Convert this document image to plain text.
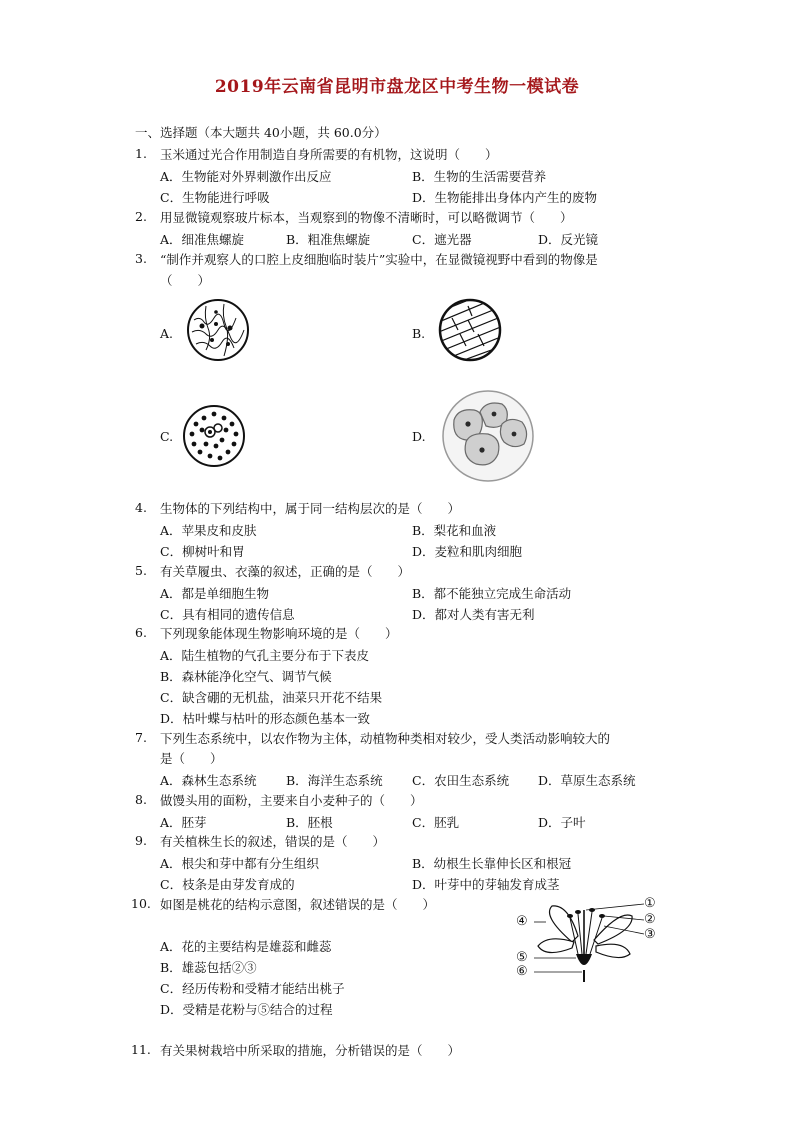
2019年云南省昆明市盘龙区中考生物一模试卷
一、选择题（本大题共 40小题，共 60.0分）
1. 玉米通过光合作用制造自身所需要的有机物，这说明（　　）
A．生物能对外界刺激作出反应	B．生物的生活需要营养
C．生物能进行呼吸	D．生物能排出身体内产生的废物
2. 用显微镜观察玻片标本，当观察到的物像不清晰时，可以略微调节（　　）
A．细准焦螺旋	B．粗准焦螺旋	C．遮光器	D．反光镜
3. “制作并观察人的口腔上皮细胞临时装片”实验中，在显微镜视野中看到的物像是
（　　）
A.	B.
C.	D.
4. 生物体的下列结构中，属于同一结构层次的是（　　）
A．苹果皮和皮肤	B．梨花和血液
C．柳树叶和胃	D．麦粒和肌肉细胞
5. 有关草履虫、衣藻的叙述，正确的是（　　）
A．都是单细胞生物	B．都不能独立完成生命活动
C．具有相同的遗传信息	D．都对人类有害无利
6. 下列现象能体现生物影响环境的是（　　）
A．陆生植物的气孔主要分布于下表皮
B．森林能净化空气、调节气候
C．缺含硼的无机盐，油菜只开花不结果
D．枯叶蝶与枯叶的形态颜色基本一致
7. 下列生态系统中，以农作物为主体，动植物种类相对较少，受人类活动影响较大的
是（　　）
A．森林生态系统 B．海洋生态系统 C．农田生态系统 D．草原生态系统
8. 做馒头用的面粉，主要来自小麦种子的（　　）
A．胚芽	B．胚根	C．胚乳	D．子叶
9. 有关植株生长的叙述，错误的是（　　）
A．根尖和芽中都有分生组织	B．幼根生长靠伸长区和根冠
C．枝条是由芽发育成的	D．叶芽中的芽轴发育成茎
10. 如图是桃花的结构示意图，叙述错误的是（　　）
A．花的主要结构是雄蕊和雌蕊
B．雄蕊包括②③
C．经历传粉和受精才能结出桃子
D．受精是花粉与⑤结合的过程
①
②
③
④
⑤
⑥
11. 有关果树栽培中所采取的措施，分析错误的是（　　）
